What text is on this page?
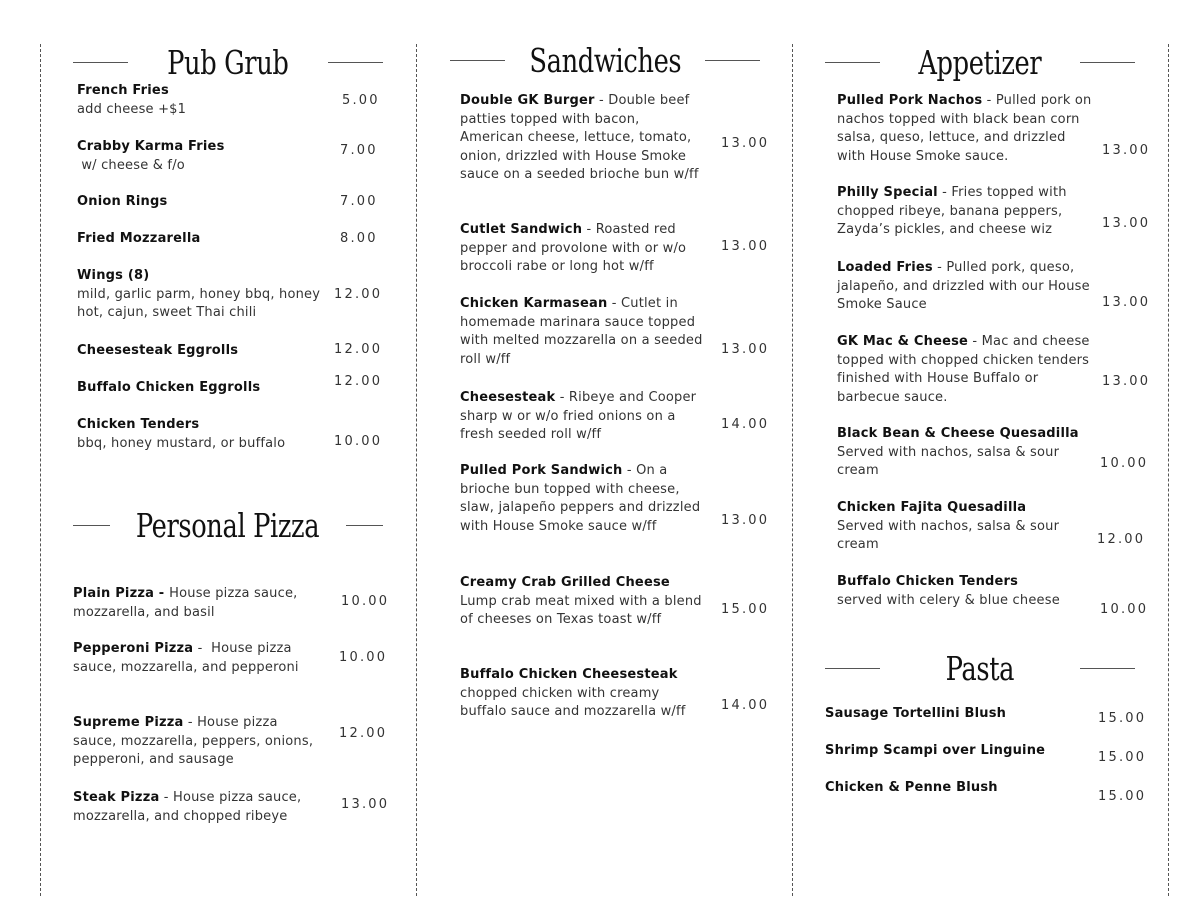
Pub Grub
French Fries
add cheese +$1
5.00
Crabby Karma Fries
w/ cheese & f/o
7.00
Onion Rings	7.00
Fried Mozzarella	8.00
Wings (8)
mild, garlic parm, honey bbq, honey hot, cajun, sweet Thai chili
12.00
Cheesesteak Eggrolls	12.00
Buffalo Chicken Eggrolls	12.00
Chicken Tenders
bbq, honey mustard, or buffalo	10.00
Personal Pizza
Plain Pizza - House pizza sauce, mozzarella, and basil
10.00
Pepperoni Pizza -  House pizza sauce, mozzarella, and pepperoni
10.00
Supreme Pizza - House pizza sauce, mozzarella, peppers, onions, pepperoni, and sausage
12.00
Steak Pizza - House pizza sauce, mozzarella, and chopped ribeye
13.00
Sandwiches
Double GK Burger - Double beef patties topped with bacon, American cheese, lettuce, tomato, onion, drizzled with House Smoke sauce on a seeded brioche bun w/ff
13.00
Cutlet Sandwich - Roasted red pepper and provolone with or w/o broccoli rabe or long hot w/ff
13.00
Chicken Karmasean - Cutlet in homemade marinara sauce topped with melted mozzarella on a seeded roll w/ff
13.00
Cheesesteak - Ribeye and Cooper sharp w or w/o fried onions on a fresh seeded roll w/ff
14.00
Pulled Pork Sandwich - On a brioche bun topped with cheese, slaw, jalapeño peppers and drizzled with House Smoke sauce w/ff	13.00
Creamy Crab Grilled Cheese
Lump crab meat mixed with a blend of cheeses on Texas toast w/ff
15.00
Buffalo Chicken Cheesesteak
chopped chicken with creamy buffalo sauce and mozzarella w/ff	14.00
Appetizer
Pulled Pork Nachos - Pulled pork on nachos topped with black bean corn salsa, queso, lettuce, and drizzled with House Smoke sauce.	13.00
Philly Special - Fries topped with chopped ribeye, banana peppers, Zayda’s pickles, and cheese wiz	13.00
Loaded Fries - Pulled pork, queso, jalapeño, and drizzled with our House Smoke Sauce	13.00
GK Mac & Cheese - Mac and cheese topped with chopped chicken tenders finished with House Buffalo or barbecue sauce.
13.00
Black Bean & Cheese Quesadilla
Served with nachos, salsa & sour cream	10.00
Chicken Fajita Quesadilla
Served with nachos, salsa & sour cream	12.00
Buffalo Chicken Tenders
served with celery & blue cheese
10.00
Pasta
Sausage Tortellini Blush	15.00
Shrimp Scampi over Linguine	15.00
Chicken & Penne Blush
15.00
